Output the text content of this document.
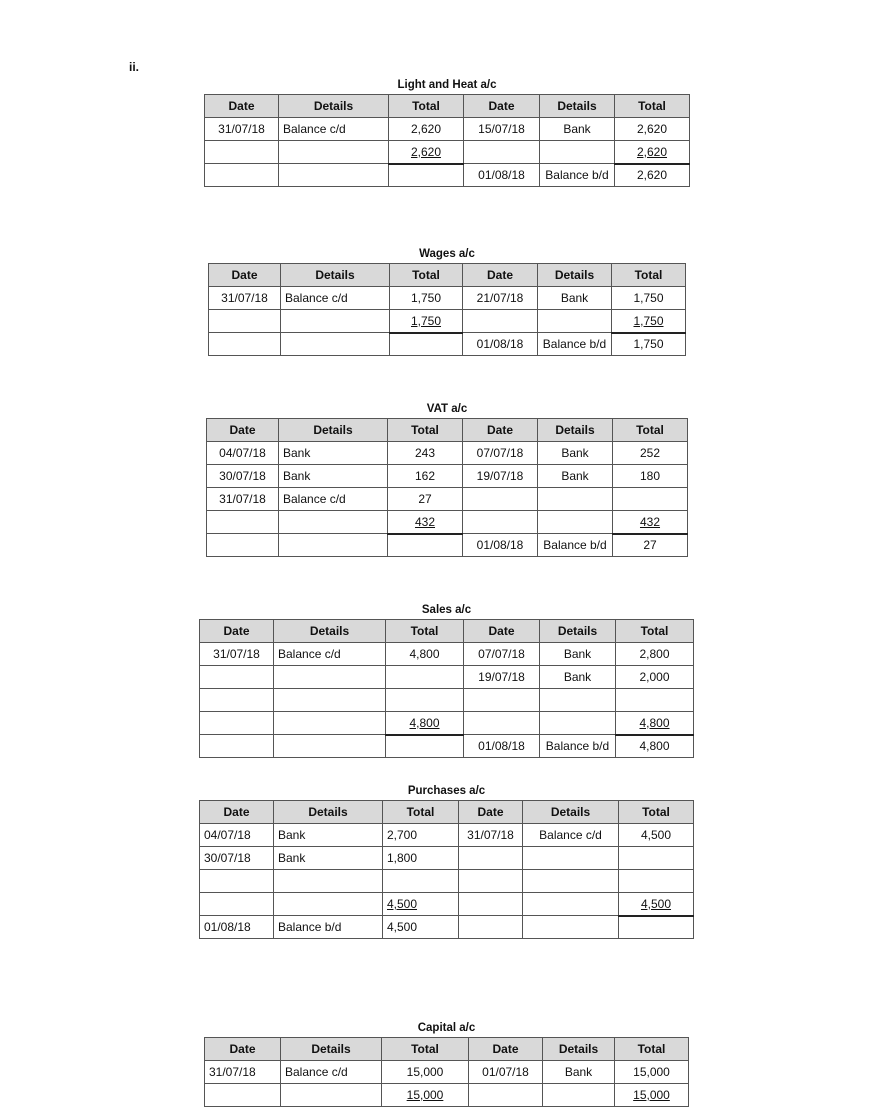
ii.
Light and Heat a/c
Date	Details	Total	Date	Details	Total
31/07/18	Balance c/d	2,620	15/07/18	Bank	2,620
		2,620			2,620
			01/08/18	Balance b/d	2,620
Wages a/c
Date	Details	Total	Date	Details	Total
31/07/18	Balance c/d	1,750	21/07/18	Bank	1,750
		1,750			1,750
			01/08/18	Balance b/d	1,750
VAT a/c
Date	Details	Total	Date	Details	Total
04/07/18	Bank	243	07/07/18	Bank	252
30/07/18	Bank	162	19/07/18	Bank	180
31/07/18	Balance c/d	27			
		432			432
			01/08/18	Balance b/d	27
Sales a/c
Date	Details	Total	Date	Details	Total
31/07/18	Balance c/d	4,800	07/07/18	Bank	2,800
			19/07/18	Bank	2,000

		4,800			4,800
			01/08/18	Balance b/d	4,800
Purchases a/c
Date	Details	Total	Date	Details	Total
04/07/18	Bank	2,700	31/07/18	Balance c/d	4,500
30/07/18	Bank	1,800			

		4,500			4,500
01/08/18	Balance b/d	4,500			
Capital a/c
Date	Details	Total	Date	Details	Total
31/07/18	Balance c/d	15,000	01/07/18	Bank	15,000
		15,000			15,000
